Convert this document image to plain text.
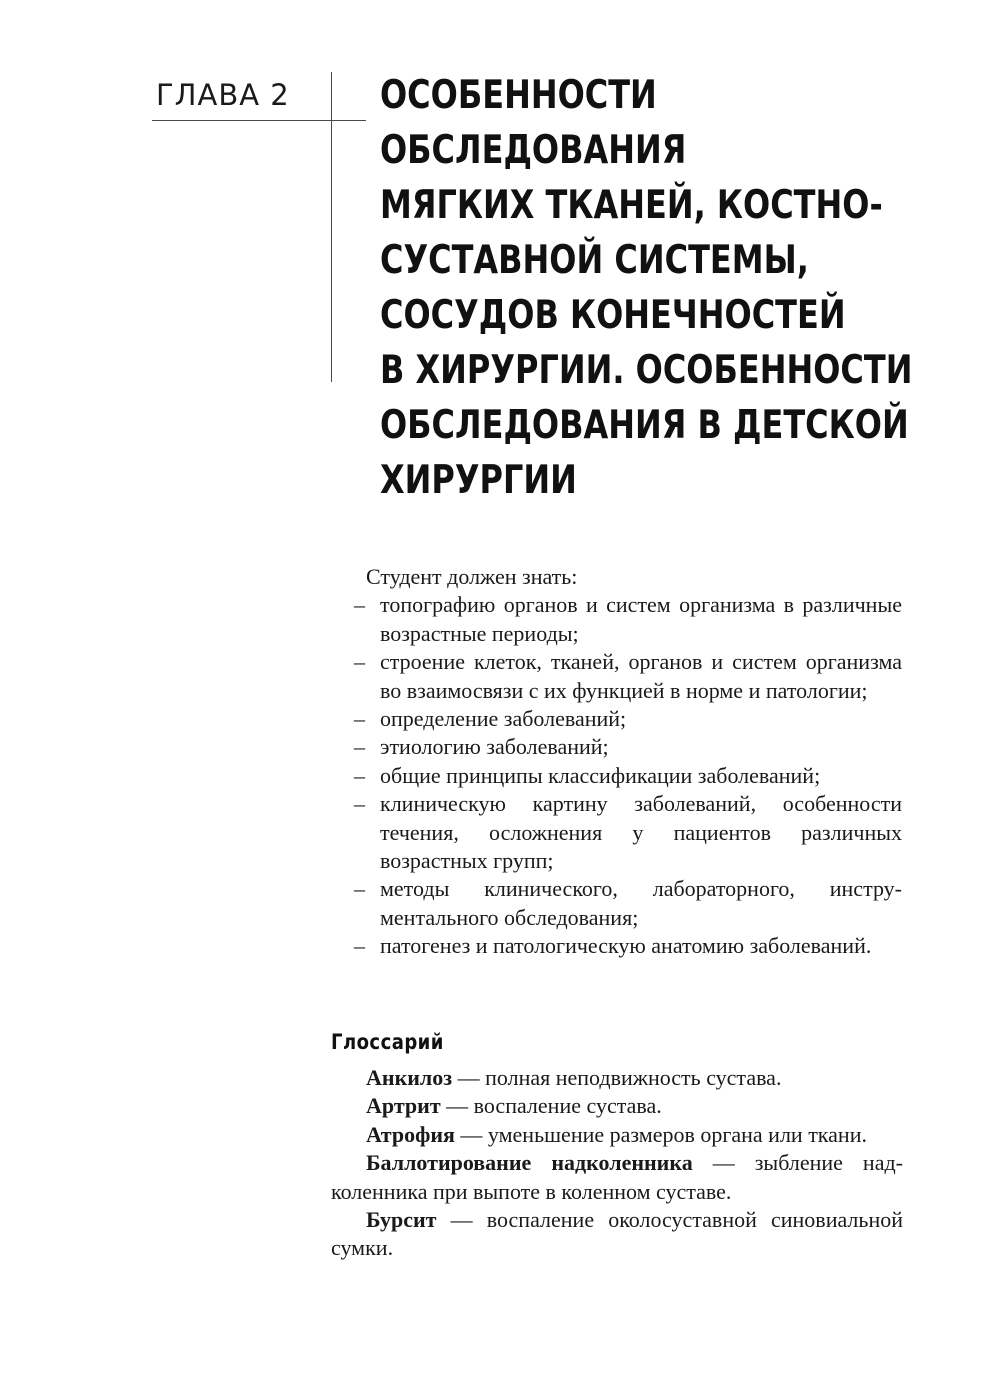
ГЛАВА 2	ОСОБЕННОСТИ
ОБСЛЕДОВАНИЯ
МЯГКИХ ТКАНЕЙ, КОСТНО-
СУСТАВНОЙ СИСТЕМЫ,
СОСУДОВ КОНЕЧНОСТЕЙ
В ХИРУРГИИ. ОСОБЕННОСТИ
ОБСЛЕДОВАНИЯ В ДЕТСКОЙ
ХИРУРГИИ

Студент должен знать:

– топографию органов и систем организма в различные возрастные периоды;
– строение клеток, тканей, органов и систем организма во взаимосвязи с их функцией в норме и патологии;
– определение заболеваний;
– этиологию заболеваний;
– общие принципы классификации заболеваний;
– клиническую картину заболеваний, особенности течения, осложнения у пациентов различных возрастных групп;
– методы клинического, лабораторного, инструментального обследования;
– патогенез и патологическую анатомию заболеваний.
Глоссарий

Анкилоз — полная неподвижность сустава.

Артрит — воспаление сустава.

Атрофия — уменьшение размеров органа или ткани.

Баллотирование надколенника — зыбление надколенника при выпоте в коленном суставе.

Бурсит — воспаление околосуставной синовиальной сумки.
